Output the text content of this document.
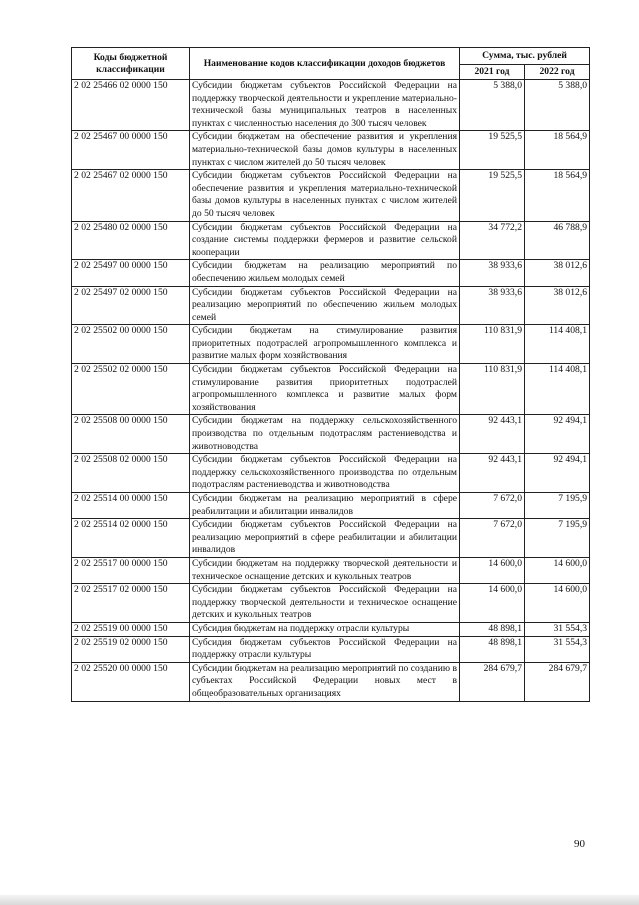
Коды бюджетной классификации	Наименование кодов классификации доходов бюджетов	Сумма, тыс. рублей	
		2021 год	2022 год
2 02 25466 02 0000 150	Субсидии бюджетам субъектов Российской Федерации на поддержку творческой деятельности и укрепление материально-технической базы муниципальных театров в населенных пунктах с численностью населения до 300 тысяч человек	5 388,0	5 388,0
2 02 25467 00 0000 150	Субсидии бюджетам на обеспечение развития и укрепления материально-технической базы домов культуры в населенных пунктах с числом жителей до 50 тысяч человек	19 525,5	18 564,9
2 02 25467 02 0000 150	Субсидии бюджетам субъектов Российской Федерации на обеспечение развития и укрепления материально-технической базы домов культуры в населенных пунктах с числом жителей до 50 тысяч человек	19 525,5	18 564,9
2 02 25480 02 0000 150	Субсидии бюджетам субъектов Российской Федерации на создание системы поддержки фермеров и развитие сельской кооперации	34 772,2	46 788,9
2 02 25497 00 0000 150	Субсидии бюджетам на реализацию мероприятий по обеспечению жильем молодых семей	38 933,6	38 012,6
2 02 25497 02 0000 150	Субсидии бюджетам субъектов Российской Федерации на реализацию мероприятий по обеспечению жильем молодых семей	38 933,6	38 012,6
2 02 25502 00 0000 150	Субсидии бюджетам на стимулирование развития приоритетных подотраслей агропромышленного комплекса и развитие малых форм хозяйствования	110 831,9	114 408,1
2 02 25502 02 0000 150	Субсидии бюджетам субъектов Российской Федерации на стимулирование развития приоритетных подотраслей агропромышленного комплекса и развитие малых форм хозяйствования	110 831,9	114 408,1
2 02 25508 00 0000 150	Субсидии бюджетам на поддержку сельскохозяйственного производства по отдельным подотраслям растениеводства и животноводства	92 443,1	92 494,1
2 02 25508 02 0000 150	Субсидии бюджетам субъектов Российской Федерации на поддержку сельскохозяйственного производства по отдельным подотраслям растениеводства и животноводства	92 443,1	92 494,1
2 02 25514 00 0000 150	Субсидии бюджетам на реализацию мероприятий в сфере реабилитации и абилитации инвалидов	7 672,0	7 195,9
2 02 25514 02 0000 150	Субсидии бюджетам субъектов Российской Федерации на реализацию мероприятий в сфере реабилитации и абилитации инвалидов	7 672,0	7 195,9
2 02 25517 00 0000 150	Субсидии бюджетам на поддержку творческой деятельности и техническое оснащение детских и кукольных театров	14 600,0	14 600,0
2 02 25517 02 0000 150	Субсидии бюджетам субъектов Российской Федерации на поддержку творческой деятельности и техническое оснащение детских и кукольных театров	14 600,0	14 600,0
2 02 25519 00 0000 150	Субсидия бюджетам на поддержку отрасли культуры	48 898,1	31 554,3
2 02 25519 02 0000 150	Субсидия бюджетам субъектов Российской Федерации на поддержку отрасли культуры	48 898,1	31 554,3
2 02 25520 00 0000 150	Субсидии бюджетам на реализацию мероприятий по созданию в субъектах Российской Федерации новых мест в общеобразовательных организациях	284 679,7	284 679,7
90
